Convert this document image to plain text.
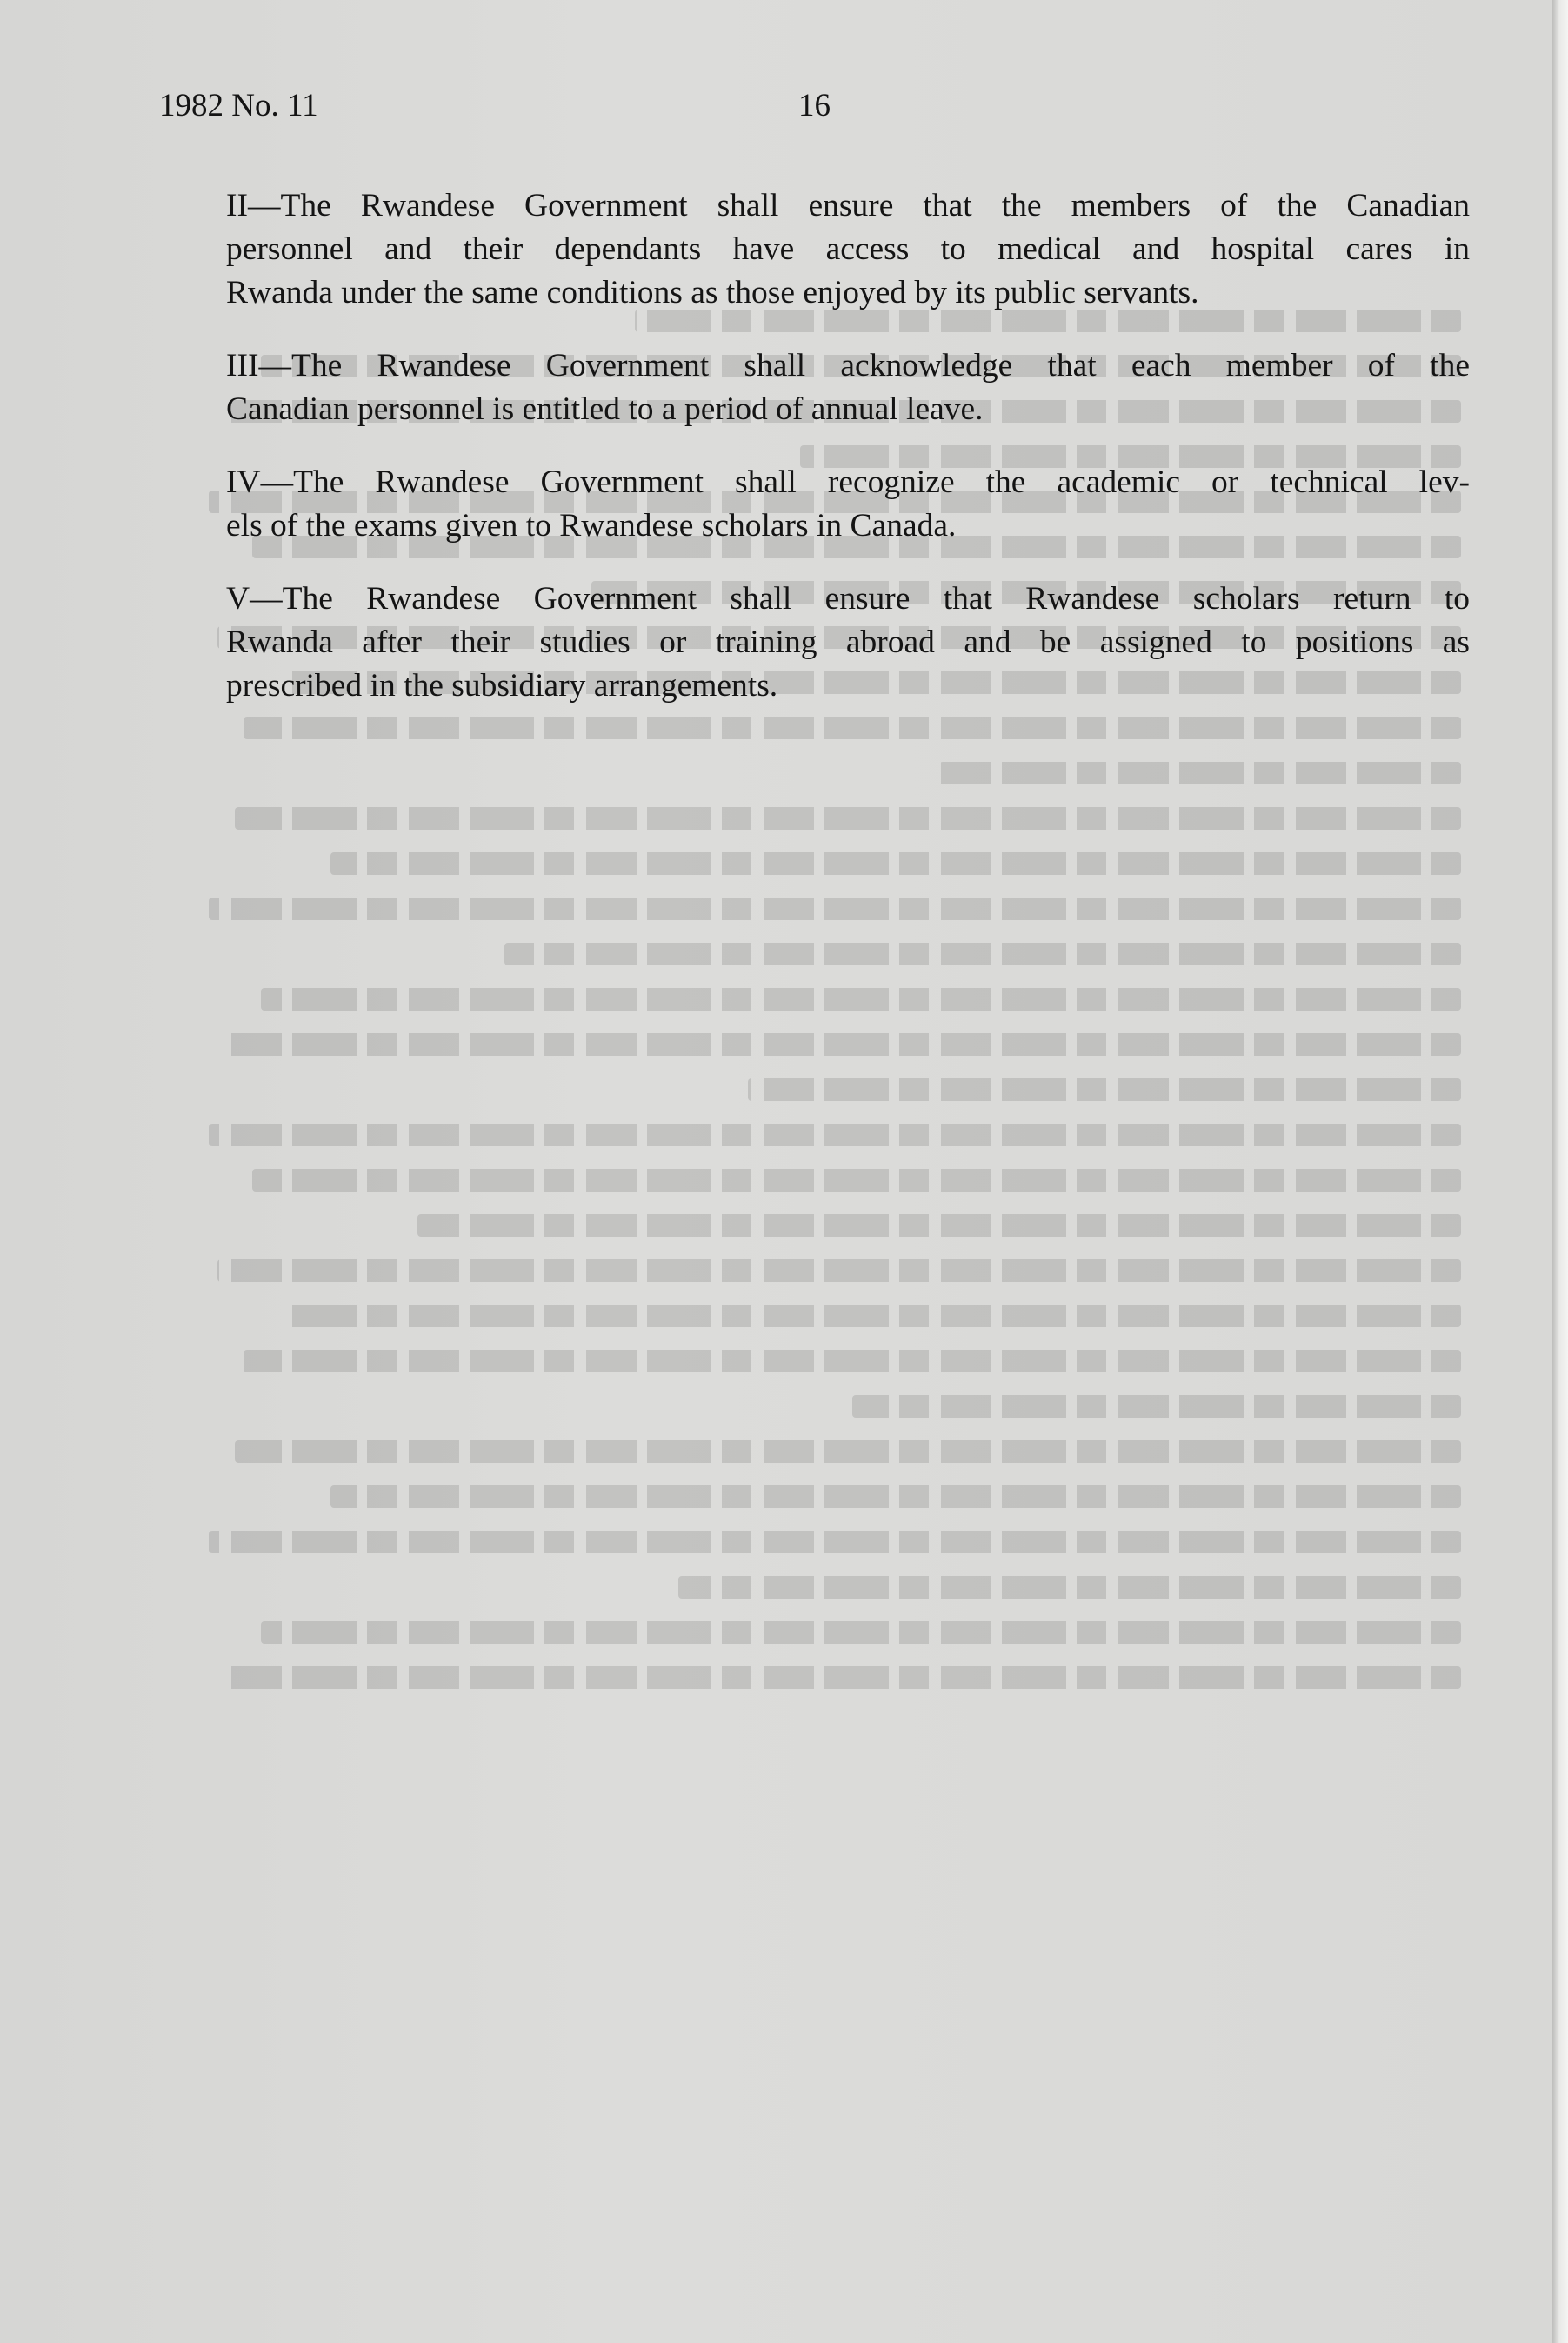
1982 No. 11	16

II—The Rwandese Government shall ensure that the members of the Canadian
personnel and their dependants have access to medical and hospital cares in
Rwanda under the same conditions as those enjoyed by its public servants.

III—The Rwandese Government shall acknowledge that each member of the
Canadian personnel is entitled to a period of annual leave.

IV—The Rwandese Government shall recognize the academic or technical lev-
els of the exams given to Rwandese scholars in Canada.

V—The Rwandese Government shall ensure that Rwandese scholars return to
Rwanda after their studies or training abroad and be assigned to positions as
prescribed in the subsidiary arrangements.
